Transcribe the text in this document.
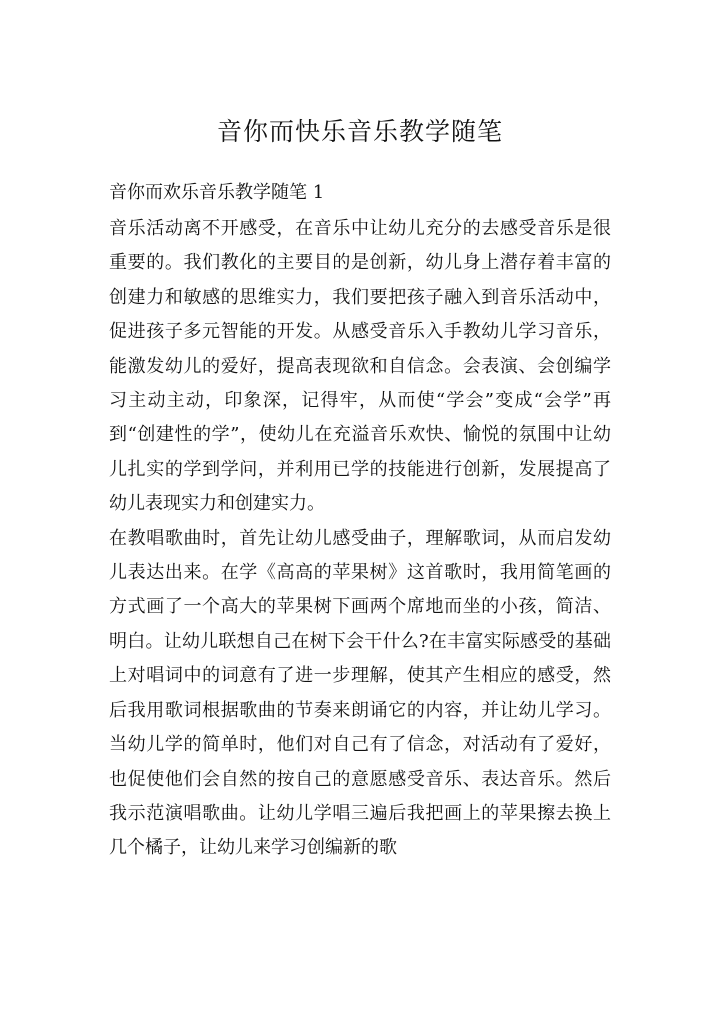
音你而快乐音乐教学随笔

音你而欢乐音乐教学随笔 1

音乐活动离不开感受，在音乐中让幼儿充分的去感受音乐是很重要的。我们教化的主要目的是创新，幼儿身上潜存着丰富的创建力和敏感的思维实力，我们要把孩子融入到音乐活动中，促进孩子多元智能的开发。从感受音乐入手教幼儿学习音乐，能激发幼儿的爱好，提高表现欲和自信念。会表演、会创编学习主动主动，印象深，记得牢，从而使“学会”变成“会学”再到“创建性的学”，使幼儿在充溢音乐欢快、愉悦的氛围中让幼儿扎实的学到学问，并利用已学的技能进行创新，发展提高了幼儿表现实力和创建实力。

在教唱歌曲时，首先让幼儿感受曲子，理解歌词，从而启发幼儿表达出来。在学《高高的苹果树》这首歌时，我用简笔画的方式画了一个高大的苹果树下画两个席地而坐的小孩，简洁、明白。让幼儿联想自己在树下会干什么?在丰富实际感受的基础上对唱词中的词意有了进一步理解，使其产生相应的感受，然后我用歌词根据歌曲的节奏来朗诵它的内容，并让幼儿学习。当幼儿学的简单时，他们对自己有了信念，对活动有了爱好，也促使他们会自然的按自己的意愿感受音乐、表达音乐。然后我示范演唱歌曲。让幼儿学唱三遍后我把画上的苹果擦去换上几个橘子，让幼儿来学习创编新的歌
